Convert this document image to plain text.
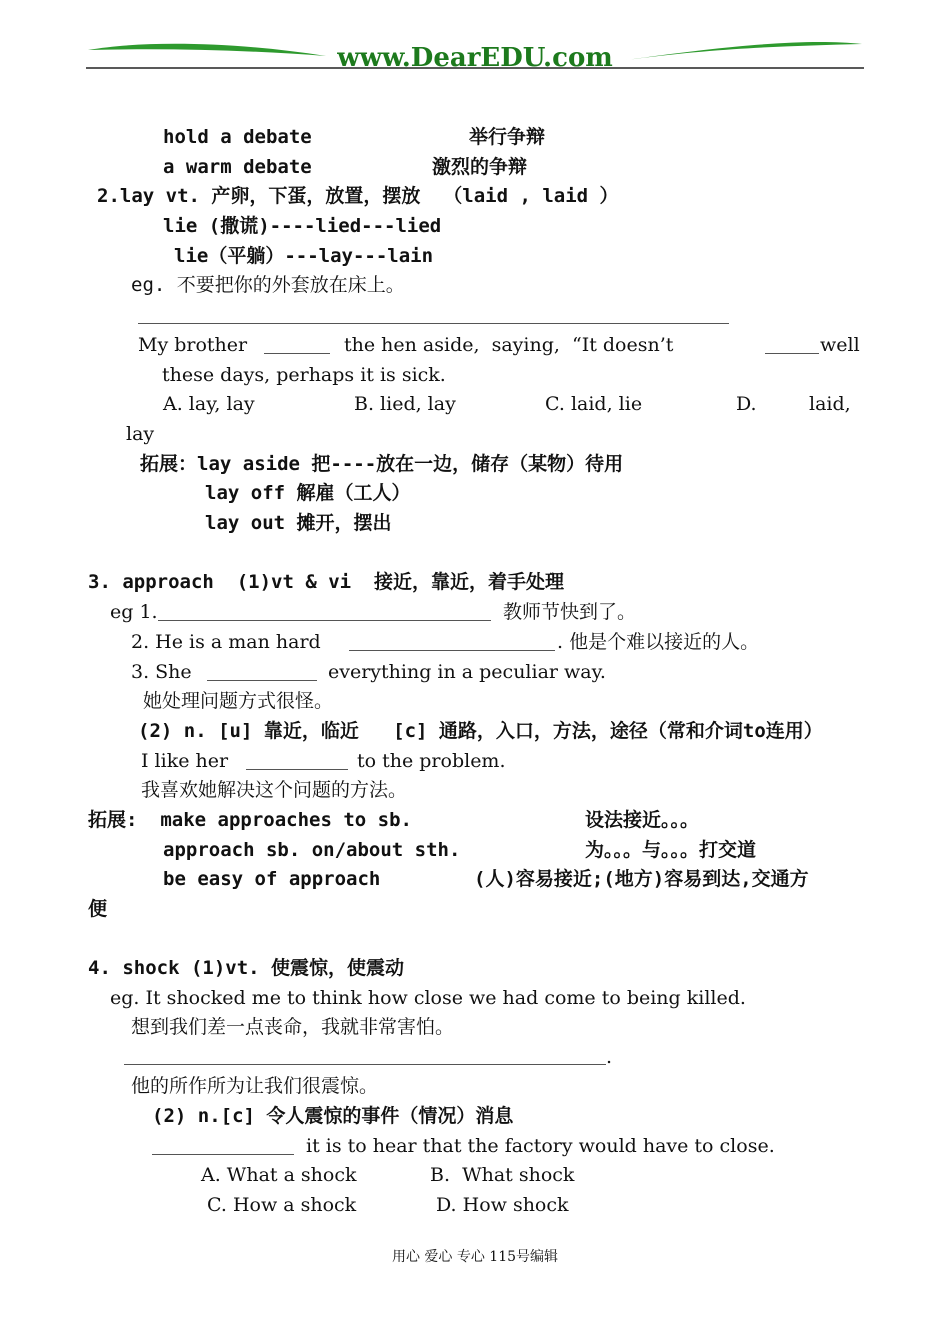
www.DearEDU.com
hold a debate	举行争辩
a warm debate	激烈的争辩
2.lay vt. 产卵，下蛋，放置，摆放  （laid , laid ）
lie (撒谎)----lied---lied
lie（平躺）---lay---lain
eg. 不要把你的外套放在床上。
My brother	the hen aside,  saying,  “It doesn’t	well
these days, perhaps it is sick.
A. lay, lay	B. lied, lay	C. laid, lie	D.	laid,
lay
拓展：lay aside 把----放在一边，储存（某物）待用
lay off 解雇（工人）
lay out 摊开，摆出
3. approach  (1)vt & vi  接近，靠近，着手处理
eg 1.	教师节快到了。
2. He is a man hard	. 他是个难以接近的人。
3. She	everything in a peculiar way.
她处理问题方式很怪。
(2) n. [u] 靠近，临近   [c] 通路，入口，方法，途径（常和介词to连用）
I like her	to the problem.
我喜欢她解决这个问题的方法。
拓展:  make approaches to sb.	设法接近。。。
approach sb. on/about sth.	为。。。与。。。打交道
be easy of approach	(人)容易接近;(地方)容易到达,交通方
便
4. shock (1)vt. 使震惊，使震动
eg. It shocked me to think how close we had come to being killed.
想到我们差一点丧命，我就非常害怕。
.
他的所作所为让我们很震惊。
(2) n.[c] 令人震惊的事件（情况）消息
it is to hear that the factory would have to close.
A. What a shock	B.  What shock
C. How a shock	D. How shock
用心 爱心 专心 115号编辑
